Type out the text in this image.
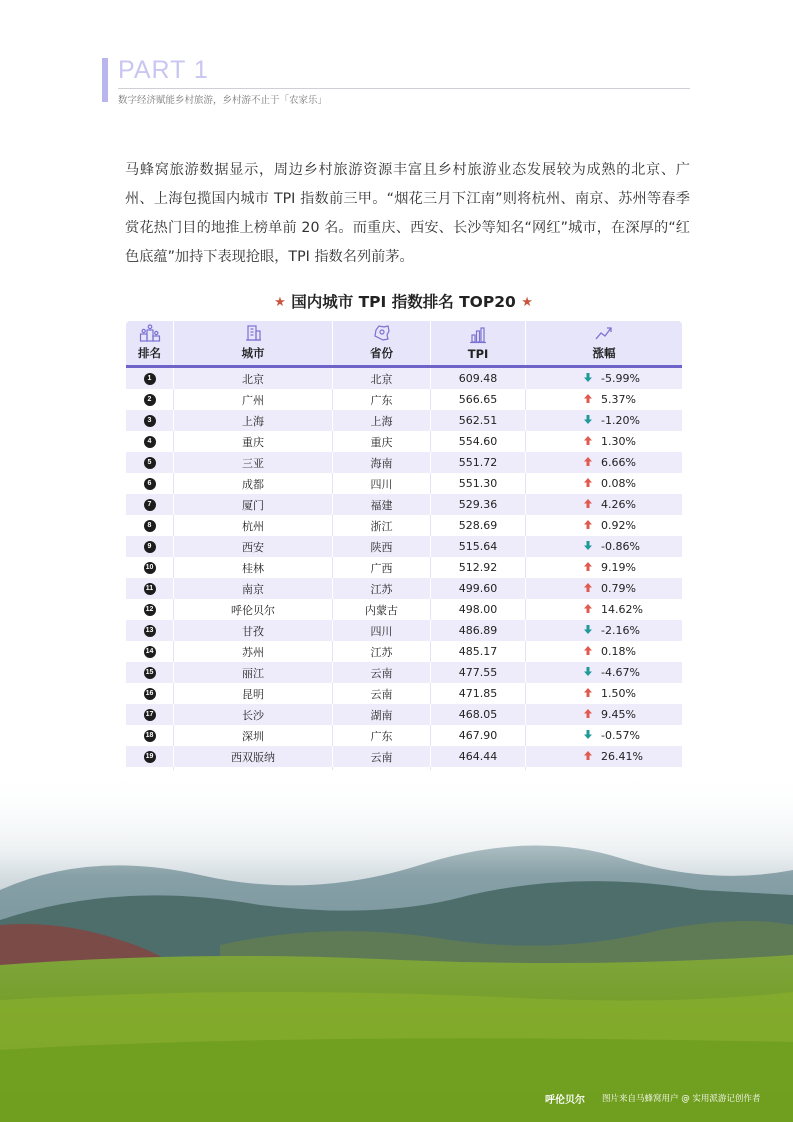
PART 1
数字经济赋能乡村旅游，乡村游不止于「农家乐」
马蜂窝旅游数据显示，周边乡村旅游资源丰富且乡村旅游业态发展较为成熟的北京、广州、上海包揽国内城市 TPI 指数前三甲。“烟花三月下江南”则将杭州、南京、苏州等春季赏花热门目的地推上榜单前 20 名。而重庆、西安、长沙等知名“网红”城市，在深厚的“红色底蕴”加持下表现抢眼，TPI 指数名列前茅。
★ 国内城市 TPI 指数排名 TOP20 ★
排名	城市	省份	TPI	涨幅
1	北京	北京	609.48	-5.99%
2	广州	广东	566.65	5.37%
3	上海	上海	562.51	-1.20%
4	重庆	重庆	554.60	1.30%
5	三亚	海南	551.72	6.66%
6	成都	四川	551.30	0.08%
7	厦门	福建	529.36	4.26%
8	杭州	浙江	528.69	0.92%
9	西安	陕西	515.64	-0.86%
10	桂林	广西	512.92	9.19%
11	南京	江苏	499.60	0.79%
12	呼伦贝尔	内蒙古	498.00	14.62%
13	甘孜	四川	486.89	-2.16%
14	苏州	江苏	485.17	0.18%
15	丽江	云南	477.55	-4.67%
16	昆明	云南	471.85	1.50%
17	长沙	湖南	468.05	9.45%
18	深圳	广东	467.90	-0.57%
19	西双版纳	云南	464.44	26.41%
呼伦贝尔 图片来自马蜂窝用户 @ 实用派游记创作者
